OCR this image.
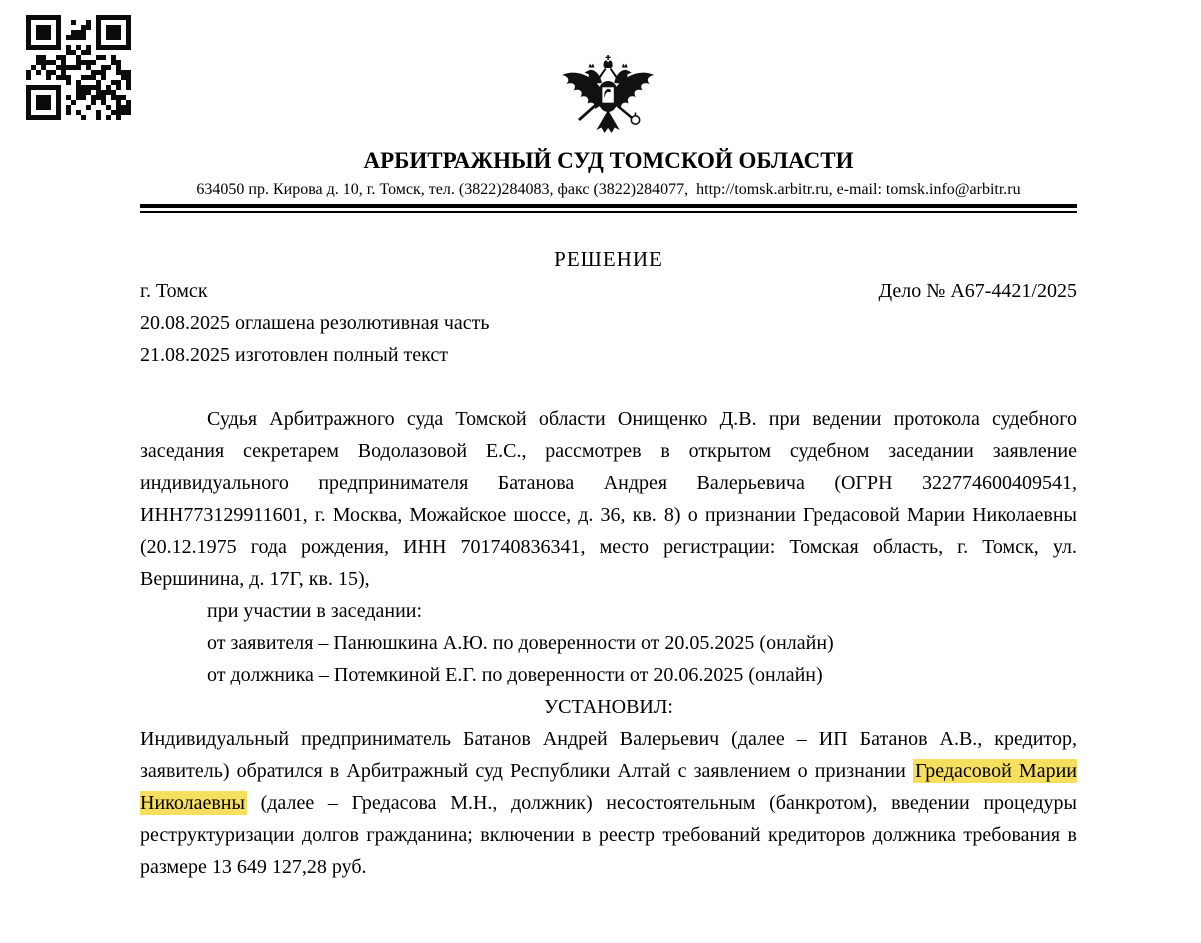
АРБИТРАЖНЫЙ СУД ТОМСКОЙ ОБЛАСТИ
634050 пр. Кирова д. 10, г. Томск, тел. (3822)284083, факс (3822)284077,  http://tomsk.arbitr.ru, e-mail: tomsk.info@arbitr.ru
РЕШЕНИЕ
г. Томск	Дело № А67-4421/2025
20.08.2025 оглашена резолютивная часть
21.08.2025 изготовлен полный текст

Судья Арбитражного суда Томской области Онищенко Д.В. при ведении протокола судебного заседания секретарем Водолазовой Е.С., рассмотрев в открытом судебном заседании заявление индивидуального предпринимателя Батанова Андрея Валерьевича (ОГРН 322774600409541, ИНН773129911601, г. Москва, Можайское шоссе, д. 36, кв. 8) о признании Гредасовой Марии Николаевны (20.12.1975 года рождения, ИНН 701740836341, место регистрации: Томская область, г. Томск, ул. Вершинина, д. 17Г, кв. 15),

при участии в заседании:
от заявителя – Панюшкина А.Ю. по доверенности от 20.05.2025 (онлайн)
от должника – Потемкиной Е.Г. по доверенности от 20.06.2025 (онлайн)
УСТАНОВИЛ:

Индивидуальный предприниматель Батанов Андрей Валерьевич (далее – ИП Батанов А.В., кредитор, заявитель) обратился в Арбитражный суд Республики Алтай с заявлением о признании Гредасовой Марии Николаевны (далее – Гредасова М.Н., должник) несостоятельным (банкротом), введении процедуры реструктуризации долгов гражданина; включении в реестр требований кредиторов должника требования в размере 13 649 127,28 руб.
